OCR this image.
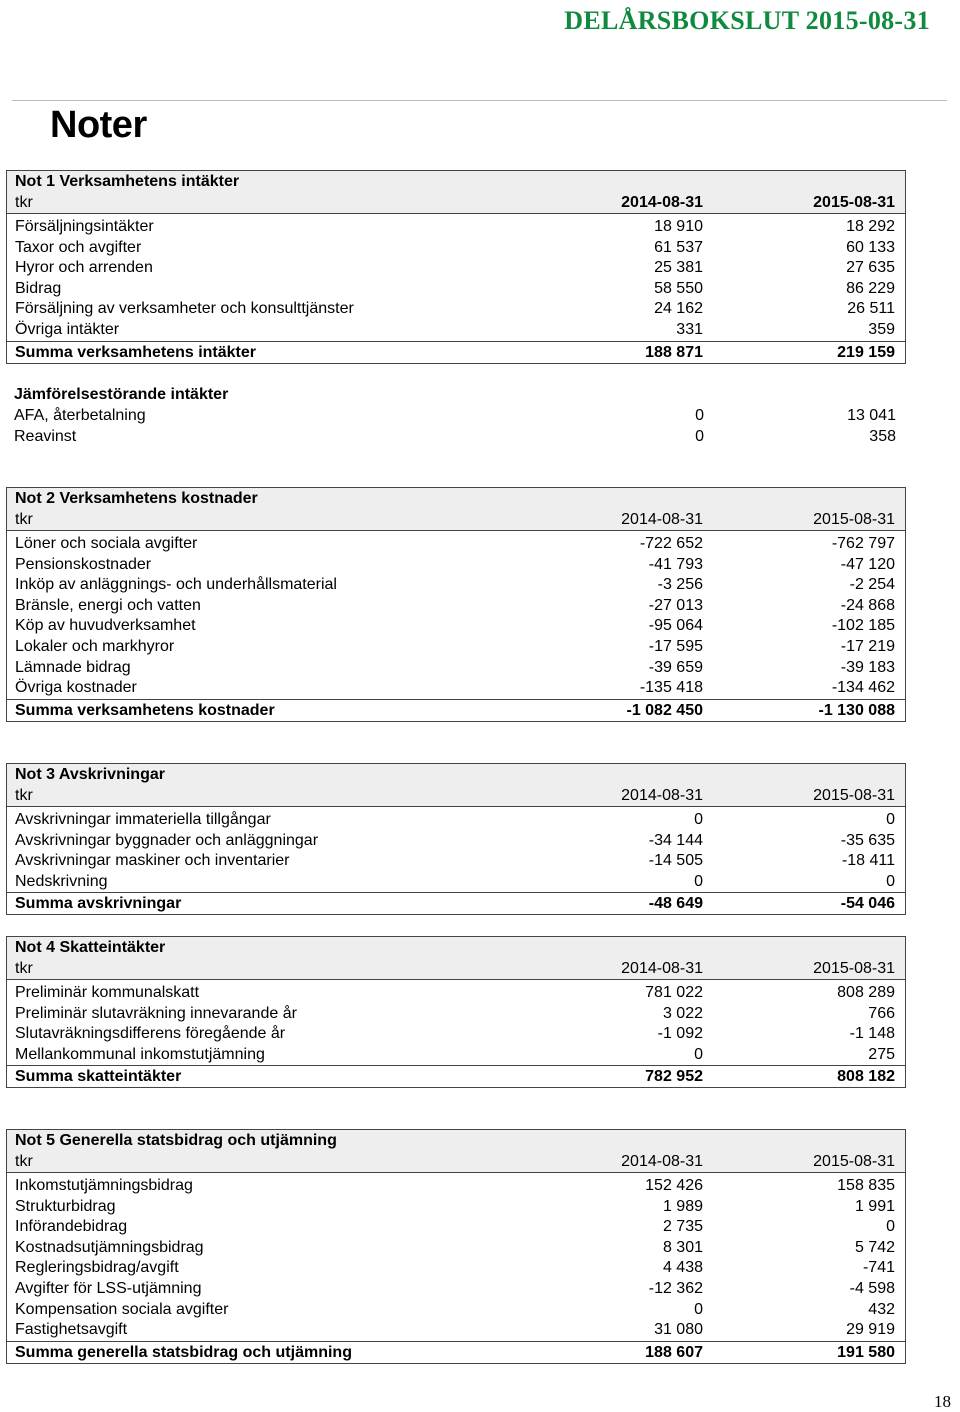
DELÅRSBOKSLUT 2015-08-31
Noter
Not 1 Verksamhetens intäkter
tkr	2014-08-31	2015-08-31
Försäljningsintäkter	18 910	18 292
Taxor och avgifter	61 537	60 133
Hyror och arrenden	25 381	27 635
Bidrag	58 550	86 229
Försäljning av verksamheter och konsulttjänster	24 162	26 511
Övriga intäkter	331	359
Summa verksamhetens intäkter	188 871	219 159
Jämförelsestörande intäkter
AFA, återbetalning	0	13 041
Reavinst	0	358
Not 2 Verksamhetens kostnader
tkr	2014-08-31	2015-08-31
Löner och sociala avgifter	-722 652	-762 797
Pensionskostnader	-41 793	-47 120
Inköp av anläggnings- och underhållsmaterial	-3 256	-2 254
Bränsle, energi och vatten	-27 013	-24 868
Köp av huvudverksamhet	-95 064	-102 185
Lokaler och markhyror	-17 595	-17 219
Lämnade bidrag	-39 659	-39 183
Övriga kostnader	-135 418	-134 462
Summa verksamhetens kostnader	-1 082 450	-1 130 088
Not 3 Avskrivningar
tkr	2014-08-31	2015-08-31
Avskrivningar immateriella tillgångar	0	0
Avskrivningar byggnader och anläggningar	-34 144	-35 635
Avskrivningar maskiner och inventarier	-14 505	-18 411
Nedskrivning	0	0
Summa avskrivningar	-48 649	-54 046
Not 4 Skatteintäkter
tkr	2014-08-31	2015-08-31
Preliminär kommunalskatt	781 022	808 289
Preliminär slutavräkning innevarande år	3 022	766
Slutavräkningsdifferens föregående år	-1 092	-1 148
Mellankommunal inkomstutjämning	0	275
Summa skatteintäkter	782 952	808 182
Not 5 Generella statsbidrag och utjämning
tkr	2014-08-31	2015-08-31
Inkomstutjämningsbidrag	152 426	158 835
Strukturbidrag	1 989	1 991
Införandebidrag	2 735	0
Kostnadsutjämningsbidrag	8 301	5 742
Regleringsbidrag/avgift	4 438	-741
Avgifter för LSS-utjämning	-12 362	-4 598
Kompensation sociala avgifter	0	432
Fastighetsavgift	31 080	29 919
Summa generella statsbidrag och utjämning	188 607	191 580
18
